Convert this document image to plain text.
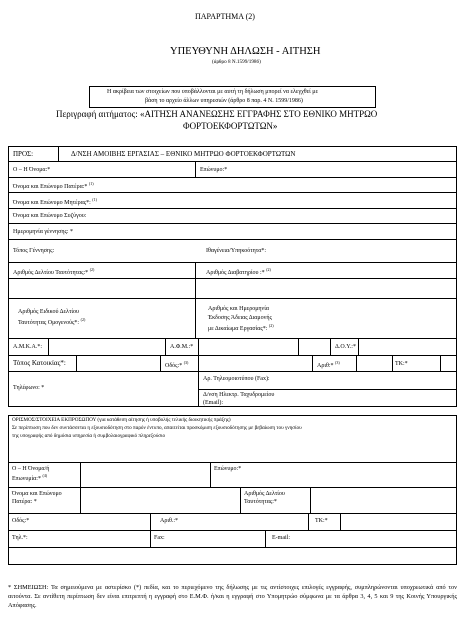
ΠΑΡΑΡΤΗΜΑ (2)
ΥΠΕΥΘΥΝΗ ΔΗΛΩΣΗ - ΑΙΤΗΣΗ
(άρθρο 8 Ν.1599/1986)
Η ακρίβεια των στοιχείων που υποβάλλονται με αυτή τη δήλωση μπορεί να ελεγχθεί με
βάση το αρχείο άλλων υπηρεσιών (άρθρο 8 παρ. 4 Ν. 1599/1986)
Περιγραφή αιτήματος: «ΑΙΤΗΣΗ ΑΝΑΝΕΩΣΗΣ ΕΓΓΡΑΦΗΣ ΣΤΟ ΕΘΝΙΚΟ ΜΗΤΡΩΟ
ΦΟΡΤΟΕΚΦΟΡΤΩΤΩΝ»
ΠΡΟΣ:	Δ/ΝΣΗ ΑΜΟΙΒΗΣ ΕΡΓΑΣΙΑΣ – ΕΘΝΙΚΟ ΜΗΤΡΩΟ ΦΟΡΤΟΕΚΦΟΡΤΩΤΩΝ
Ο – Η Όνομα:*	Επώνυμο:*
Όνομα και Επώνυμο Πατέρα:* $^{(1)}$
Όνομα και Επώνυμο Μητέρας*: $^{(1)}$
Όνομα και Επώνυμο Συζύγου:
Ημερομηνία γέννησης: *
Τόπος Γέννησης:	Ιθαγένεια/Υπηκοότητα*:
Αριθμός Δελτίου Ταυτότητας:* $^{(2)}$
Αριθμός Διαβατηρίου :* $^{(2)}$
Αριθμός Ειδικού Δελτίου
Ταυτότητας Ομογενούς*: $^{(2)}$
Αριθμός και Ημερομηνία
Έκδοσης Άδειας Διαμονής
με Δικαίωμα Εργασίας*: $^{(2)}$
Α.Μ.Κ.Α.*:	Α.Φ.Μ.:*	Δ.Ο.Υ.:*
Τόπος Κατοικίας*:	Οδός:* $^{(3)}$
Αριθ:* $^{(3)}$	ΤΚ:*
Τηλέφωνο: *
Αρ. Τηλεομοιοτύπου (Fax):
Δ/νση Ηλεκτρ. Ταχυδρομείου
(Email):
ΟΡΙΣΜΟΣ/ΣΤΟΙΧΕΙΑ ΕΚΠΡΟΣΩΠΟΥ (για κατάθεση αίτησης ή υποβολής τελικής διοικητικής πράξης)
Σε περίπτωση που δεν συντάσσεται η εξουσιοδότηση στο παρόν έντυπο, απαιτείται προσκόμιση εξουσιοδότησης με βεβαίωση του γνησίου
της υπογραφής από δημόσια υπηρεσία ή συμβολαιογραφικό πληρεξούσιο
Ο – Η Όνομα/ή
Επωνυμία:* $^{(4)}$
Επώνυμο:*
Όνομα και Επώνυμο
Πατέρα: *
Αριθμός Δελτίου
Ταυτότητας:*
Οδός:*	Αριθ.:*	ΤΚ:*
Τηλ.*:	Fax:	E-mail:
* ΣΗΜΕΙΩΣΗ: Τα σημειούμενα με αστερίσκο (*) πεδία, και το περιεχόμενο της δήλωσης με τις αντίστοιχες επιλογές εγγραφής, συμπληρώνονται υποχρεωτικά από τον αιτούντα. Σε αντίθετη περίπτωση δεν είναι επιτρεπτή η εγγραφή στο Ε.Μ.Φ. ή/και η εγγραφή στο Υπομητρώο σύμφωνα με τα άρθρα 3, 4, 5 και 9 της Κοινής Υπουργικής Απόφασης.
